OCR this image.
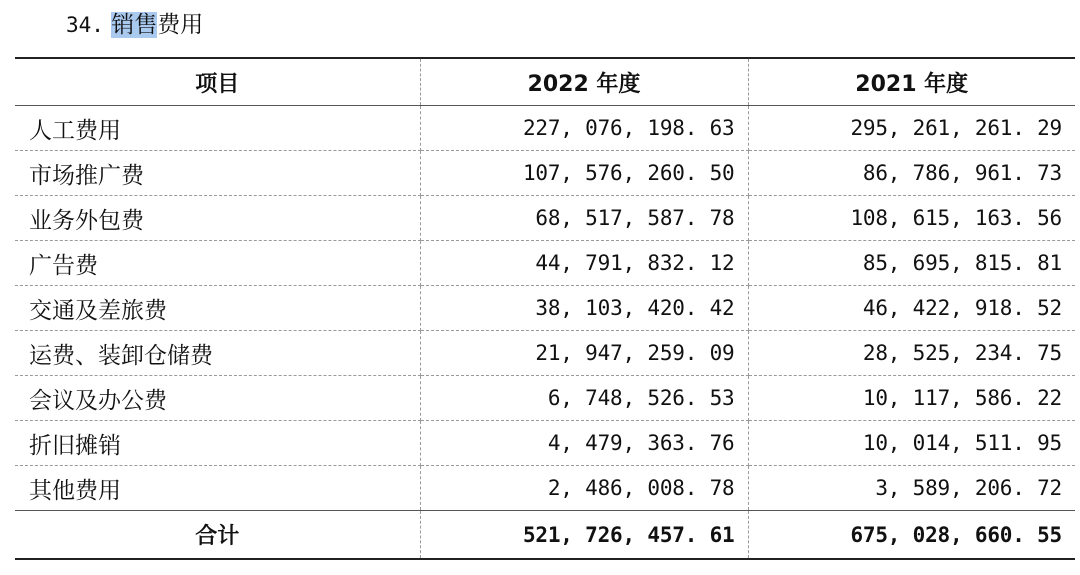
34. 销售费用
项目	2022 年度	2021 年度
人工费用	227, 076, 198. 63	295, 261, 261. 29
市场推广费	107, 576, 260. 50	86, 786, 961. 73
业务外包费	68, 517, 587. 78	108, 615, 163. 56
广告费	44, 791, 832. 12	85, 695, 815. 81
交通及差旅费	38, 103, 420. 42	46, 422, 918. 52
运费、装卸仓储费	21, 947, 259. 09	28, 525, 234. 75
会议及办公费	6, 748, 526. 53	10, 117, 586. 22
折旧摊销	4, 479, 363. 76	10, 014, 511. 95
其他费用	2, 486, 008. 78	3, 589, 206. 72
合计	521, 726, 457. 61	675, 028, 660. 55
